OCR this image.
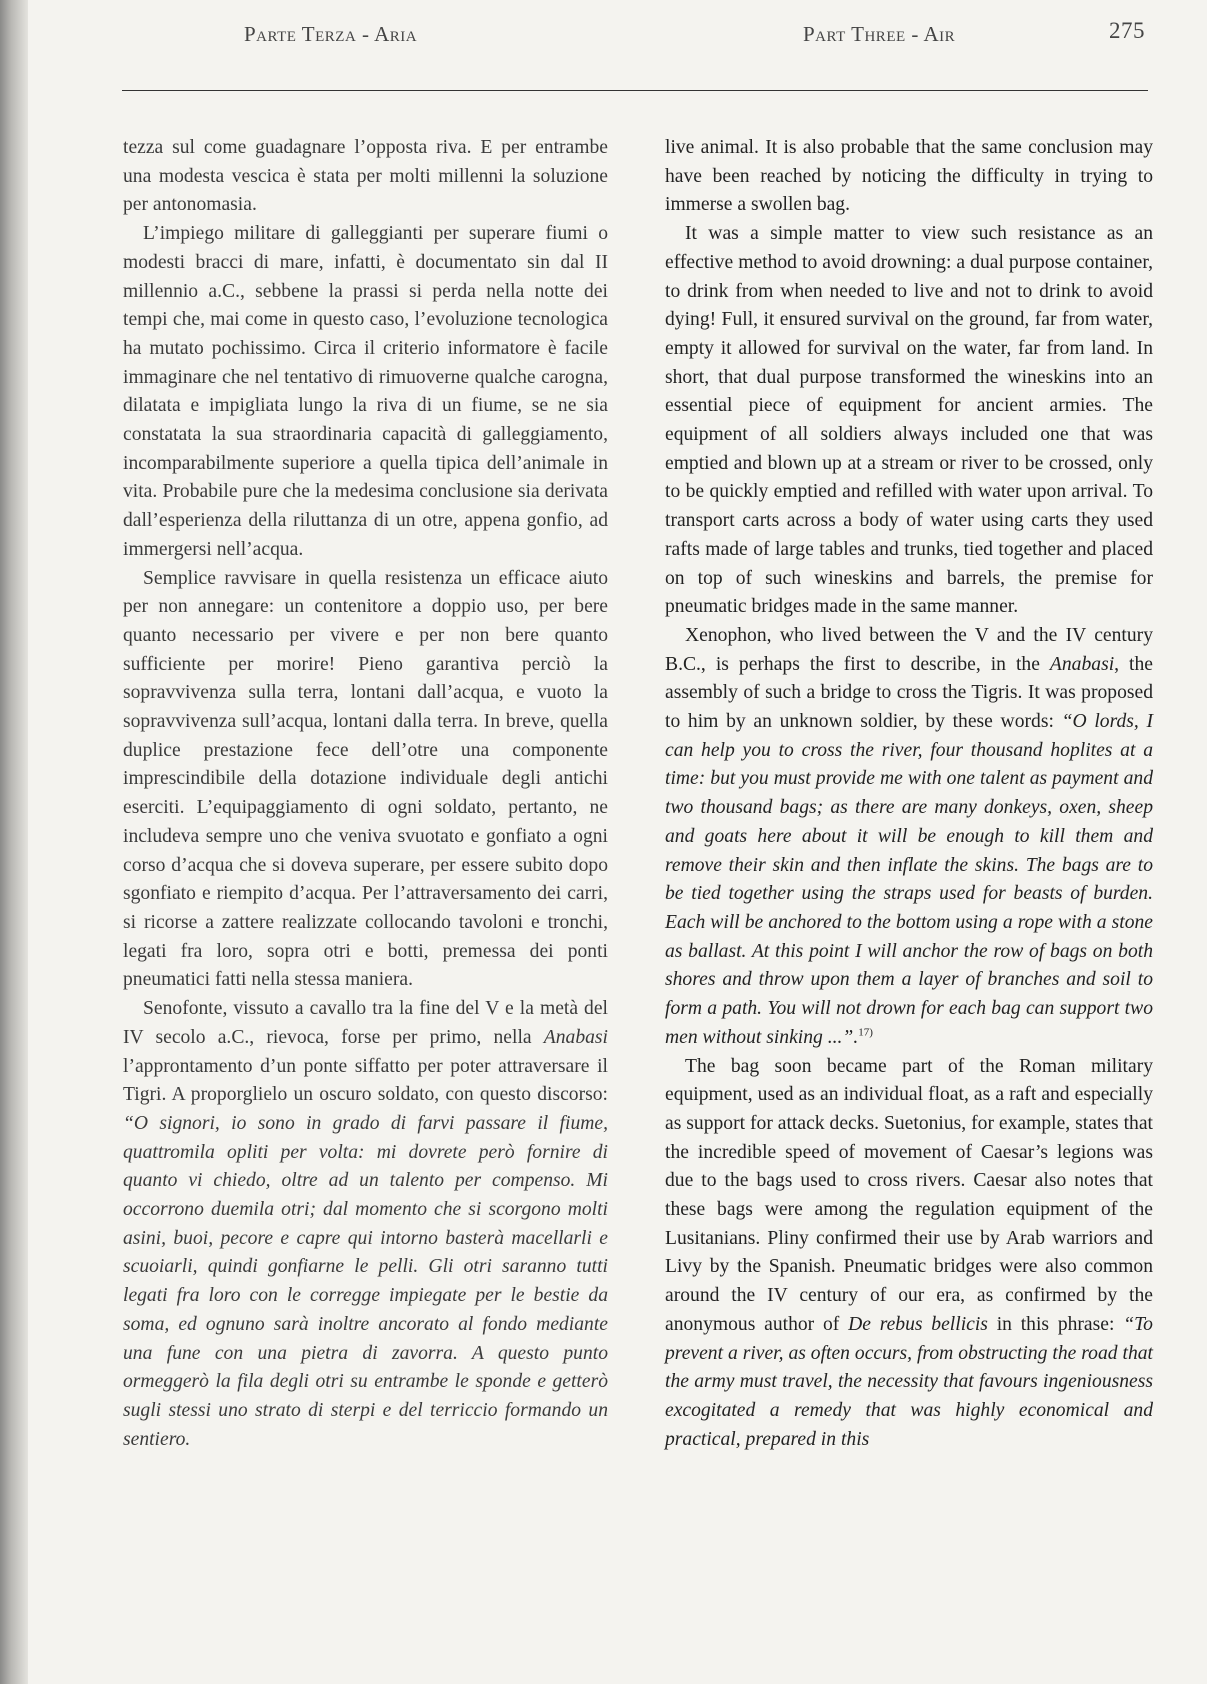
Parte Terza - Aria	Part Three - Air	275

tezza sul come guadagnare l’opposta riva. E per entrambe una modesta vescica è stata per molti millenni la soluzione per antonomasia.

L’impiego militare di galleggianti per superare fiumi o modesti bracci di mare, infatti, è documentato sin dal II millennio a.C., sebbene la prassi si perda nella notte dei tempi che, mai come in questo caso, l’evoluzione tecnologica ha mutato pochissimo. Circa il criterio informatore è facile immaginare che nel tentativo di rimuoverne qualche carogna, dilatata e impigliata lungo la riva di un fiume, se ne sia constatata la sua straordinaria capacità di galleggiamento, incomparabilmente superiore a quella tipica dell’animale in vita. Probabile pure che la medesima conclusione sia derivata dall’esperienza della riluttanza di un otre, appena gonfio, ad immergersi nell’acqua.

Semplice ravvisare in quella resistenza un efficace aiuto per non annegare: un contenitore a doppio uso, per bere quanto necessario per vivere e per non bere quanto sufficiente per morire! Pieno garantiva perciò la sopravvivenza sulla terra, lontani dall’acqua, e vuoto la sopravvivenza sull’acqua, lontani dalla terra. In breve, quella duplice prestazione fece dell’otre una componente imprescindibile della dotazione individuale degli antichi eserciti. L’equipaggiamento di ogni soldato, pertanto, ne includeva sempre uno che veniva svuotato e gonfiato a ogni corso d’acqua che si doveva superare, per essere subito dopo sgonfiato e riempito d’acqua. Per l’attraversamento dei carri, si ricorse a zattere realizzate collocando tavoloni e tronchi, legati fra loro, sopra otri e botti, premessa dei ponti pneumatici fatti nella stessa maniera.

Senofonte, vissuto a cavallo tra la fine del V e la metà del IV secolo a.C., rievoca, forse per primo, nella Anabasi l’approntamento d’un ponte siffatto per poter attraversare il Tigri. A proporglielo un oscuro soldato, con questo discorso: “O signori, io sono in grado di farvi passare il fiume, quattromila opliti per volta: mi dovrete però fornire di quanto vi chiedo, oltre ad un talento per compenso. Mi occorrono duemila otri; dal momento che si scorgono molti asini, buoi, pecore e capre qui intorno basterà macellarli e scuoiarli, quindi gonfiarne le pelli. Gli otri saranno tutti legati fra loro con le corregge impiegate per le bestie da soma, ed ognuno sarà inoltre ancorato al fondo mediante una fune con una pietra di zavorra. A questo punto ormeggerò la fila degli otri su entrambe le sponde e getterò sugli stessi uno strato di sterpi e del terriccio formando un sentiero.

live animal. It is also probable that the same conclusion may have been reached by noticing the difficulty in trying to immerse a swollen bag.

It was a simple matter to view such resistance as an effective method to avoid drowning: a dual purpose container, to drink from when needed to live and not to drink to avoid dying! Full, it ensured survival on the ground, far from water, empty it allowed for survival on the water, far from land. In short, that dual purpose transformed the wineskins into an essential piece of equipment for ancient armies. The equipment of all soldiers always included one that was emptied and blown up at a stream or river to be crossed, only to be quickly emptied and refilled with water upon arrival. To transport carts across a body of water using carts they used rafts made of large tables and trunks, tied together and placed on top of such wineskins and barrels, the premise for pneumatic bridges made in the same manner.

Xenophon, who lived between the V and the IV century B.C., is perhaps the first to describe, in the Anabasi, the assembly of such a bridge to cross the Tigris. It was proposed to him by an unknown soldier, by these words: “O lords, I can help you to cross the river, four thousand hoplites at a time: but you must provide me with one talent as payment and two thousand bags; as there are many donkeys, oxen, sheep and goats here about it will be enough to kill them and remove their skin and then inflate the skins. The bags are to be tied together using the straps used for beasts of burden. Each will be anchored to the bottom using a rope with a stone as ballast. At this point I will anchor the row of bags on both shores and throw upon them a layer of branches and soil to form a path. You will not drown for each bag can support two men without sinking ...”.$^{17)}$

The bag soon became part of the Roman military equipment, used as an individual float, as a raft and especially as support for attack decks. Suetonius, for example, states that the incredible speed of movement of Caesar’s legions was due to the bags used to cross rivers. Caesar also notes that these bags were among the regulation equipment of the Lusitanians. Pliny confirmed their use by Arab warriors and Livy by the Spanish. Pneumatic bridges were also common around the IV century of our era, as confirmed by the anonymous author of De rebus bellicis in this phrase: “To prevent a river, as often occurs, from obstructing the road that the army must travel, the necessity that favours ingeniousness excogitated a remedy that was highly economical and practical, prepared in this
